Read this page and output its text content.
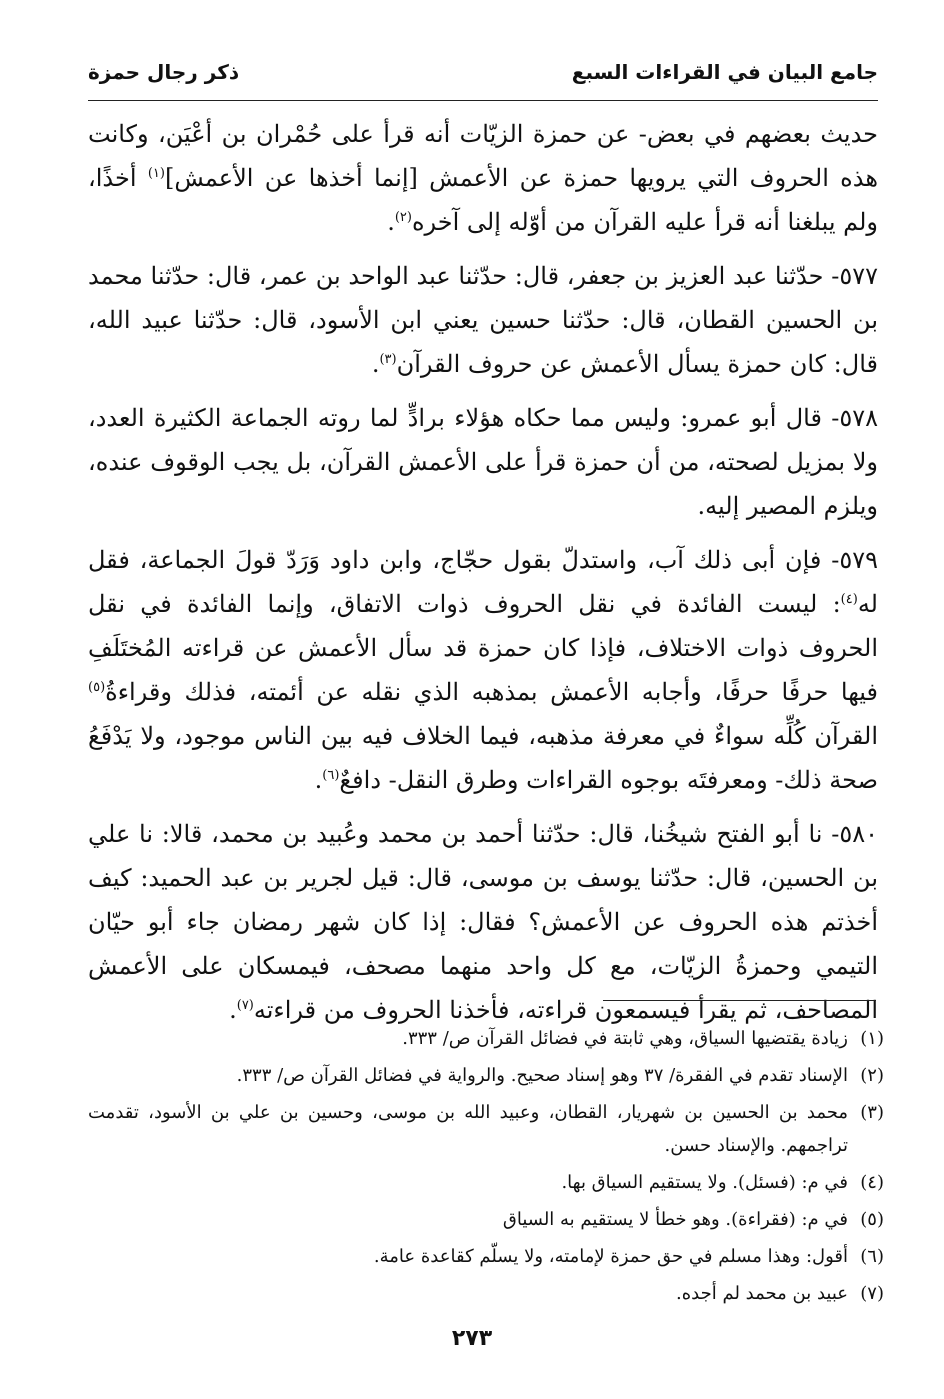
جامع البيان في القراءات السبع
ذكر رجال حمزة

حديث بعضهم في بعض- عن حمزة الزيّات أنه قرأ على حُمْران بن أعْيَن، وكانت هذه الحروف التي يرويها حمزة عن الأعمش [إنما أخذها عن الأعمش]$^{(١)}$ أخذًا، ولم يبلغنا أنه قرأ عليه القرآن من أوّله إلى آخره$^{(٢)}$.

٥٧٧- حدّثنا عبد العزيز بن جعفر، قال: حدّثنا عبد الواحد بن عمر، قال: حدّثنا محمد بن الحسين القطان، قال: حدّثنا حسين يعني ابن الأسود، قال: حدّثنا عبيد الله، قال: كان حمزة يسأل الأعمش عن حروف القرآن$^{(٣)}$.

٥٧٨- قال أبو عمرو: وليس مما حكاه هؤلاء برادٍّ لما روته الجماعة الكثيرة العدد، ولا بمزيل لصحته، من أن حمزة قرأ على الأعمش القرآن، بل يجب الوقوف عنده، ويلزم المصير إليه.

٥٧٩- فإن أبى ذلك آب، واستدلّ بقول حجّاج، وابن داود وَرَدّ قولَ الجماعة، فقل له$^{(٤)}$: ليست الفائدة في نقل الحروف ذوات الاتفاق، وإنما الفائدة في نقل الحروف ذوات الاختلاف، فإذا كان حمزة قد سأل الأعمش عن قراءته المُختَلَفِ فيها حرفًا حرفًا، وأجابه الأعمش بمذهبه الذي نقله عن أئمته، فذلك وقراءةُ$^{(٥)}$ القرآن كُلِّه سواءٌ في معرفة مذهبه، فيما الخلاف فيه بين الناس موجود، ولا يَدْفَعُ صحة ذلك- ومعرفتَه بوجوه القراءات وطرق النقل- دافعٌ$^{(٦)}$.

٥٨٠- نا أبو الفتح شيخُنا، قال: حدّثنا أحمد بن محمد وعُبيد بن محمد، قالا: نا علي بن الحسين، قال: حدّثنا يوسف بن موسى، قال: قيل لجرير بن عبد الحميد: كيف أخذتم هذه الحروف عن الأعمش؟ فقال: إذا كان شهر رمضان جاء أبو حيّان التيمي وحمزةُ الزيّات، مع كل واحد منهما مصحف، فيمسكان على الأعمش المصاحف، ثم يقرأ فيسمعون قراءته، فأخذنا الحروف من قراءته$^{(٧)}$.

(١)
زيادة يقتضيها السياق، وهي ثابتة في فضائل القرآن ص/ ٣٣٣.
(٢)
الإسناد تقدم في الفقرة/ ٣٧ وهو إسناد صحيح. والرواية في فضائل القرآن ص/ ٣٣٣.
(٣)
محمد بن الحسين بن شهريار، القطان، وعبيد الله بن موسى، وحسين بن علي بن الأسود، تقدمت تراجمهم. والإسناد حسن.
(٤)
في م: (فسئل). ولا يستقيم السياق بها.
(٥)
في م: (فقراءة). وهو خطأ لا يستقيم به السياق
(٦)
أقول: وهذا مسلم في حق حمزة لإمامته، ولا يسلّم كقاعدة عامة.
(٧)
عبيد بن محمد لم أجده.
٢٧٣
